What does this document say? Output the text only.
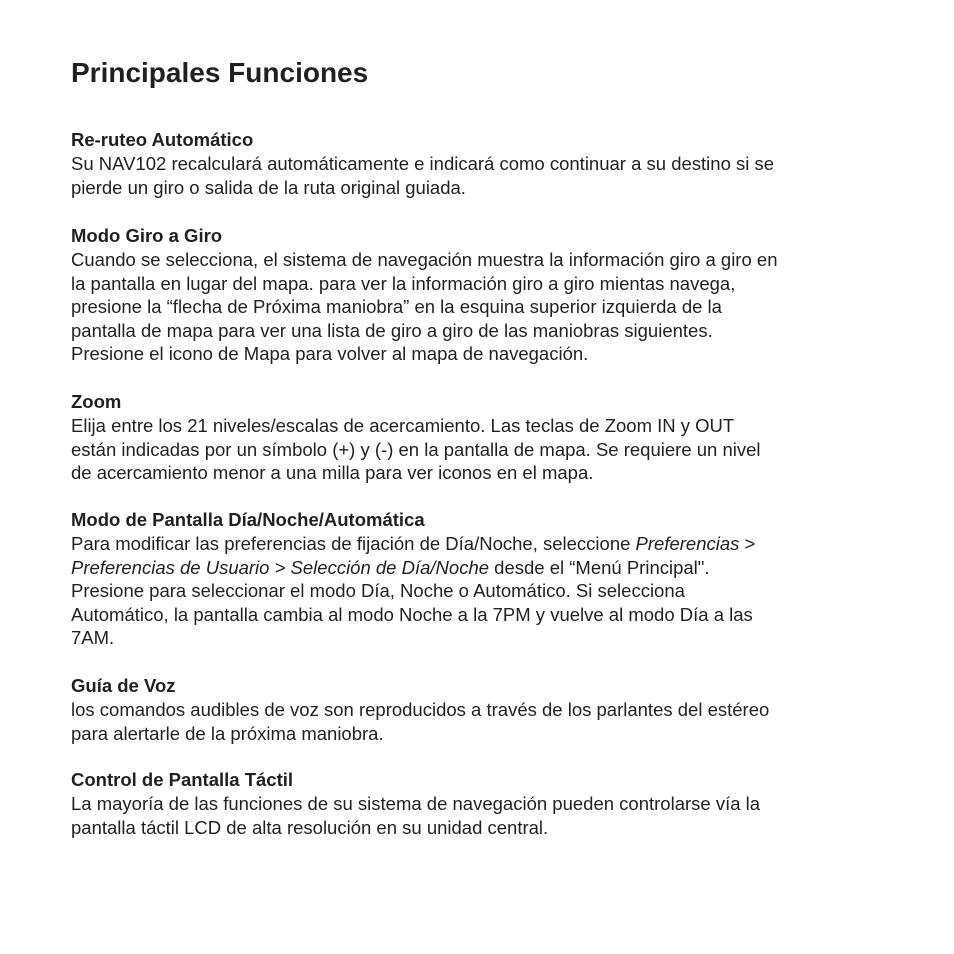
Principales Funciones
Re-ruteo Automático

Su NAV102 recalculará automáticamente e indicará como continuar a su destino si se
pierde un giro o salida de la ruta original guiada.

Modo Giro a Giro

Cuando se selecciona, el sistema de navegación muestra la información giro a giro en
la pantalla en lugar del mapa. para ver la información giro a giro mientas navega,
presione la “flecha de Próxima maniobra” en la esquina superior izquierda de la
pantalla de mapa para ver una lista de giro a giro de las maniobras siguientes.
Presione el icono de Mapa para volver al mapa de navegación.

Zoom

Elija entre los 21 niveles/escalas de acercamiento. Las teclas de Zoom IN y OUT
están indicadas por un símbolo (+) y (-) en la pantalla de mapa. Se requiere un nivel
de acercamiento menor a una milla para ver iconos en el mapa.

Modo de Pantalla Día/Noche/Automática

Para modificar las preferencias de fijación de Día/Noche, seleccione Preferencias >
Preferencias de Usuario > Selección de Día/Noche desde el “Menú Principal".
Presione para seleccionar el modo Día, Noche o Automático. Si selecciona
Automático, la pantalla cambia al modo Noche a la 7PM y vuelve al modo Día a las
7AM.

Guía de Voz

los comandos audibles de voz son reproducidos a través de los parlantes del estéreo
para alertarle de la próxima maniobra.

Control de Pantalla Táctil

La mayoría de las funciones de su sistema de navegación pueden controlarse vía la
pantalla táctil LCD de alta resolución en su unidad central.
